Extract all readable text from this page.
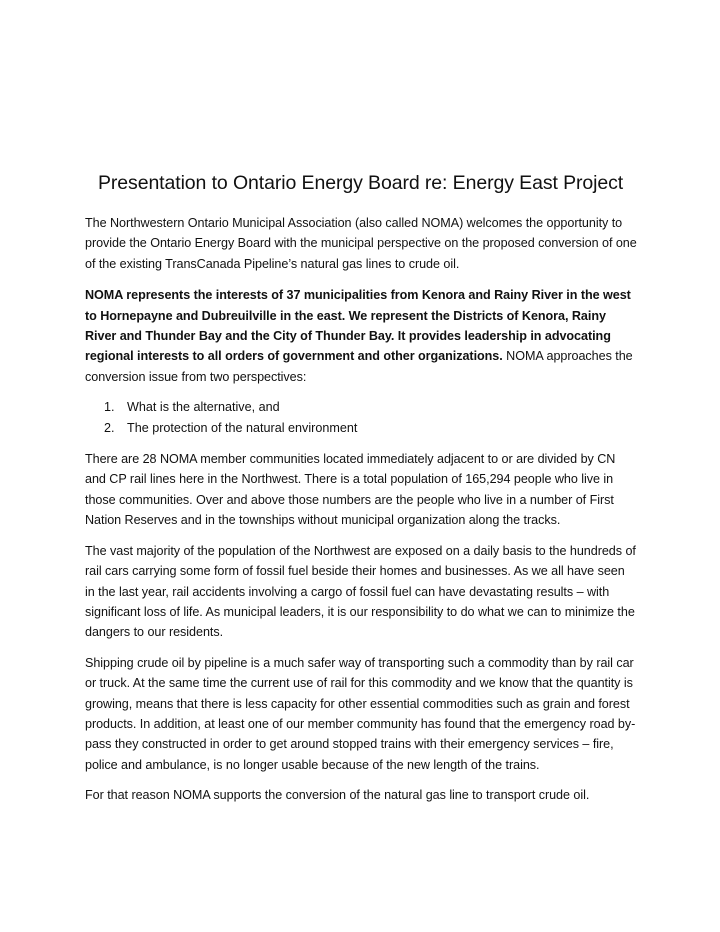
Presentation to Ontario Energy Board re: Energy East Project

The Northwestern Ontario Municipal Association (also called NOMA) welcomes the opportunity to provide the Ontario Energy Board with the municipal perspective on the proposed conversion of one of the existing TransCanada Pipeline’s natural gas lines to crude oil.

NOMA represents the interests of 37 municipalities from Kenora and Rainy River in the west to Hornepayne and Dubreuilville in the east. We represent the Districts of Kenora, Rainy River and Thunder Bay and the City of Thunder Bay. It provides leadership in advocating regional interests to all orders of government and other organizations. NOMA approaches the conversion issue from two perspectives:

1. What is the alternative, and
2. The protection of the natural environment

There are 28 NOMA member communities located immediately adjacent to or are divided by CN and CP rail lines here in the Northwest. There is a total population of 165,294 people who live in those communities. Over and above those numbers are the people who live in a number of First Nation Reserves and in the townships without municipal organization along the tracks.

The vast majority of the population of the Northwest are exposed on a daily basis to the hundreds of rail cars carrying some form of fossil fuel beside their homes and businesses. As we all have seen in the last year, rail accidents involving a cargo of fossil fuel can have devastating results – with significant loss of life. As municipal leaders, it is our responsibility to do what we can to minimize the dangers to our residents.

Shipping crude oil by pipeline is a much safer way of transporting such a commodity than by rail car or truck. At the same time the current use of rail for this commodity and we know that the quantity is growing, means that there is less capacity for other essential commodities such as grain and forest products. In addition, at least one of our member community has found that the emergency road by-pass they constructed in order to get around stopped trains with their emergency services – fire, police and ambulance, is no longer usable because of the new length of the trains.

For that reason NOMA supports the conversion of the natural gas line to transport crude oil.
